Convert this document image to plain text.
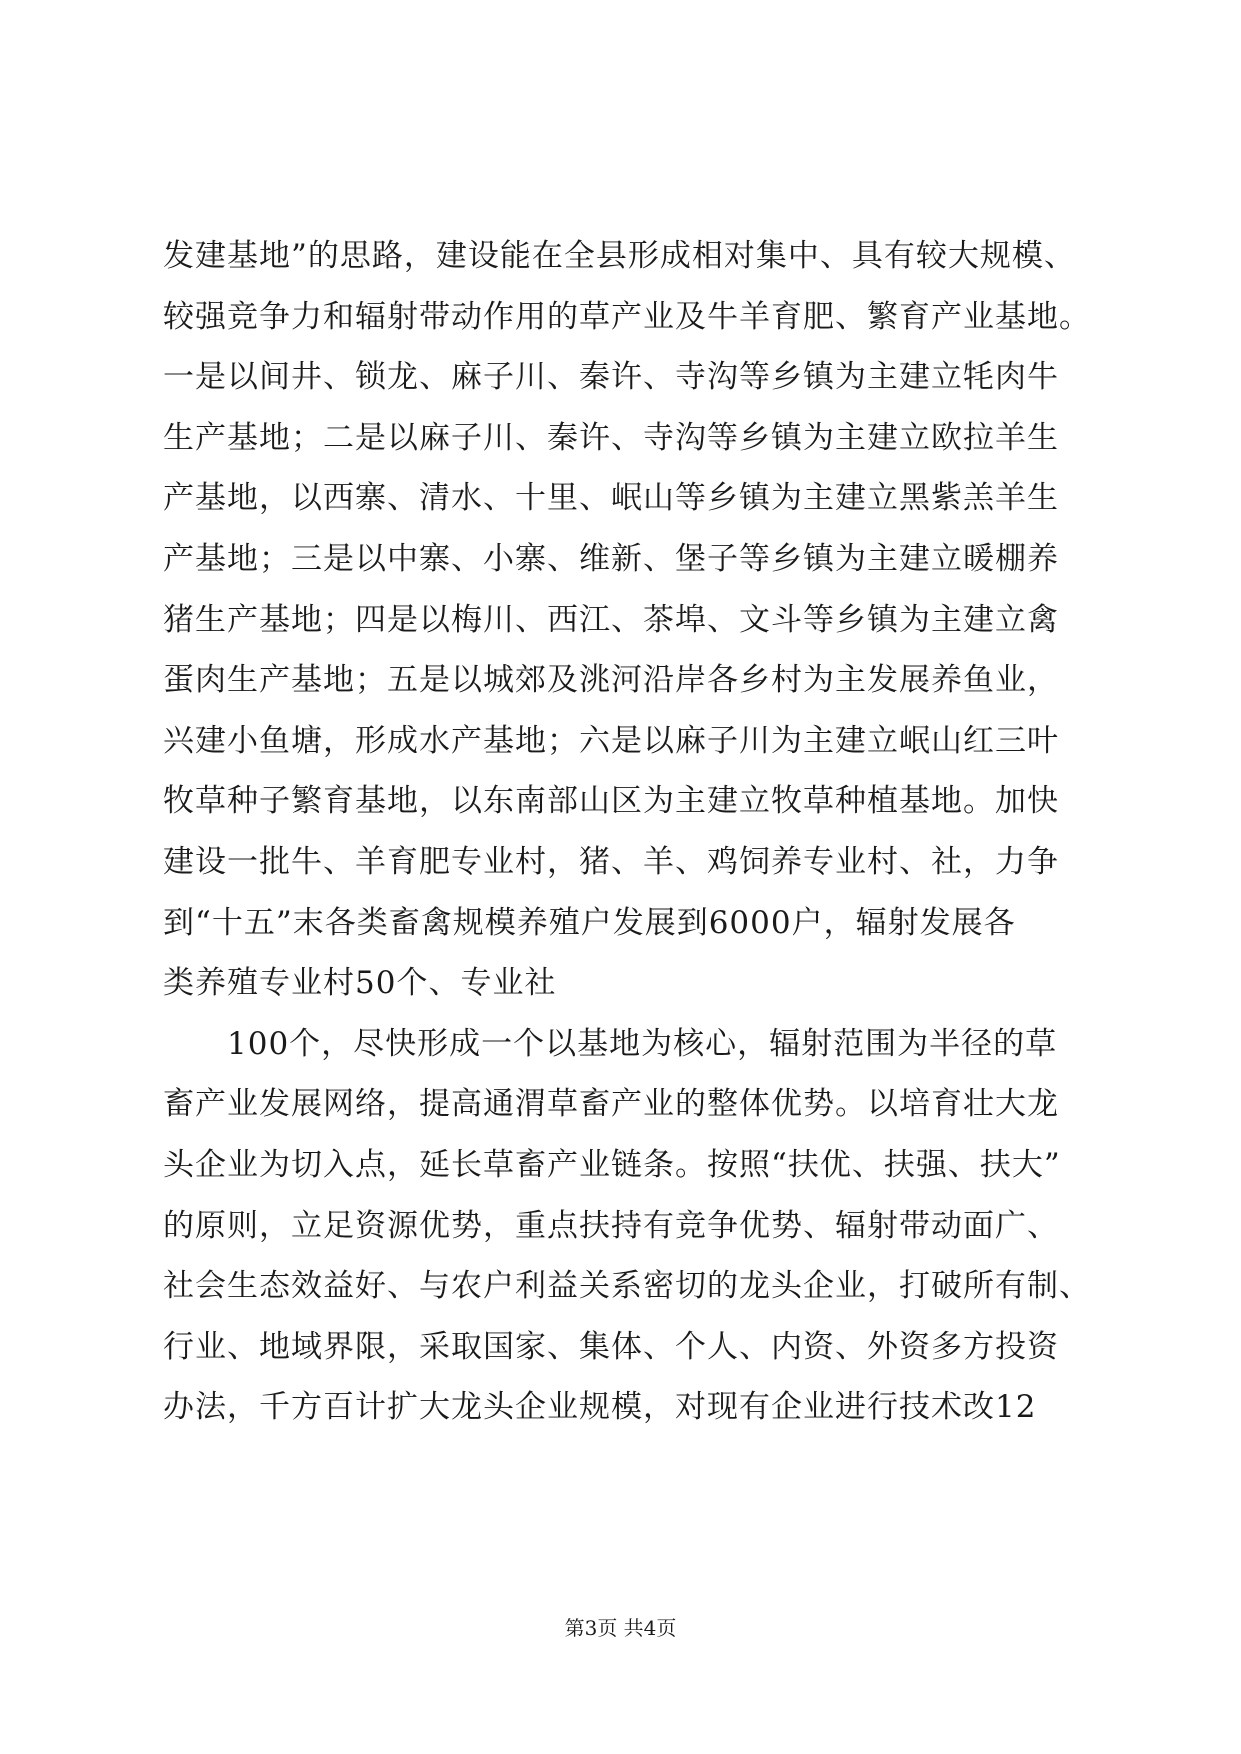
发建基地”的思路，建设能在全县形成相对集中、具有较大规模、
较强竞争力和辐射带动作用的草产业及牛羊育肥、繁育产业基地。
一是以间井、锁龙、麻子川、秦许、寺沟等乡镇为主建立牦肉牛
生产基地；二是以麻子川、秦许、寺沟等乡镇为主建立欧拉羊生
产基地，以西寨、清水、十里、岷山等乡镇为主建立黑紫羔羊生
产基地；三是以中寨、小寨、维新、堡子等乡镇为主建立暖棚养
猪生产基地；四是以梅川、西江、茶埠、文斗等乡镇为主建立禽
蛋肉生产基地；五是以城郊及洮河沿岸各乡村为主发展养鱼业，
兴建小鱼塘，形成水产基地；六是以麻子川为主建立岷山红三叶
牧草种子繁育基地，以东南部山区为主建立牧草种植基地。加快
建设一批牛、羊育肥专业村，猪、羊、鸡饲养专业村、社，力争
到“十五”末各类畜禽规模养殖户发展到6000户，辐射发展各
类养殖专业村50个、专业社
100个，尽快形成一个以基地为核心，辐射范围为半径的草
畜产业发展网络，提高通渭草畜产业的整体优势。以培育壮大龙
头企业为切入点，延长草畜产业链条。按照“扶优、扶强、扶大”
的原则，立足资源优势，重点扶持有竞争优势、辐射带动面广、
社会生态效益好、与农户利益关系密切的龙头企业，打破所有制、
行业、地域界限，采取国家、集体、个人、内资、外资多方投资
办法，千方百计扩大龙头企业规模，对现有企业进行技术改12
第3页 共4页
